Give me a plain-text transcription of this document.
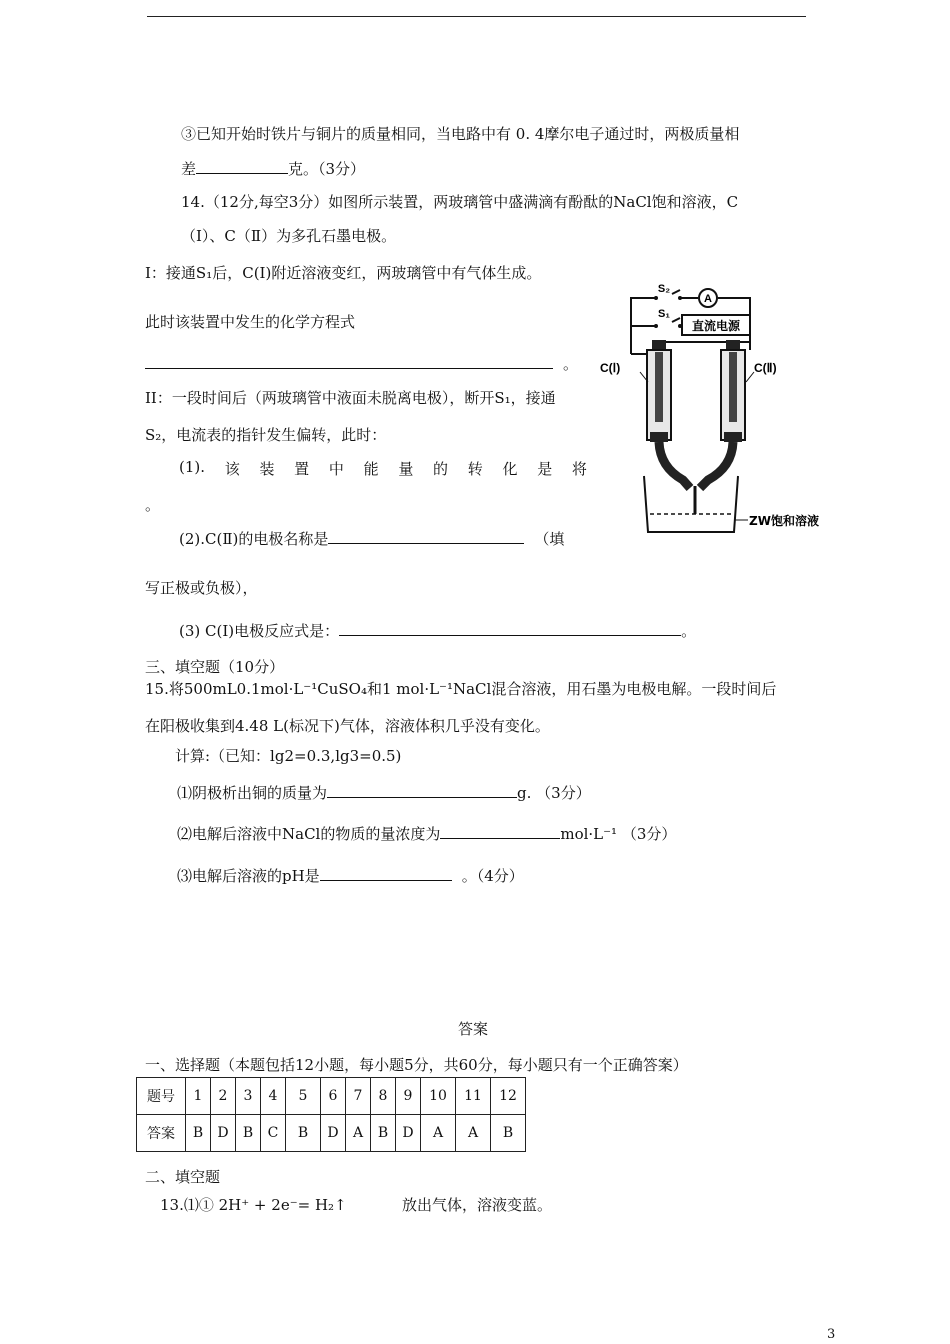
③已知开始时铁片与铜片的质量相同，当电路中有 0. 4摩尔电子通过时，两极质量相
差	克。（3分）
14.（12分,每空3分）如图所示装置，两玻璃管中盛满滴有酚酞的NaCl饱和溶液，C
（Ⅰ）、C（Ⅱ）为多孔石墨电极。
I：接通S₁后，C(Ⅰ)附近溶液变红，两玻璃管中有气体生成。
此时该装置中发生的化学方程式
。
II：一段时间后（两玻璃管中液面未脱离电极），断开S₁，接通
S₂，电流表的指针发生偏转，此时：
(1). 该 装 置 中 能 量 的 转 化 是 将
。
(2).C(Ⅱ)的电极名称是	（填
写正极或负极），
(3) C(Ⅰ)电极反应式是：	。
A
S₂
S₁
直流电源
C(Ⅰ)	C(Ⅱ)
ZW饱和溶液
三、填空题（10分）
15.将500mL0.1mol·L⁻¹CuSO₄和1 mol·L⁻¹NaCl混合溶液，用石墨为电极电解。一段时间后
在阳极收集到4.48 L(标况下)气体，溶液体积几乎没有变化。
计算:（已知：lg2=0.3,lg3=0.5)
⑴阴极析出铜的质量为	g. （3分）
⑵电解后溶液中NaCl的物质的量浓度为	mol·L⁻¹ （3分）
⑶电解后溶液的pH是	。（4分）
答案
一、选择题（本题包括12小题，每小题5分，共60分，每小题只有一个正确答案）
题号	1	2	3	4	5	6	7	8	9	10	11	12
答案	B	D	B	C	B	D	A	B	D	A	A	B
二、填空题
13.⑴① 2H⁺ + 2e⁻= H₂↑	放出气体，溶液变蓝。
3
